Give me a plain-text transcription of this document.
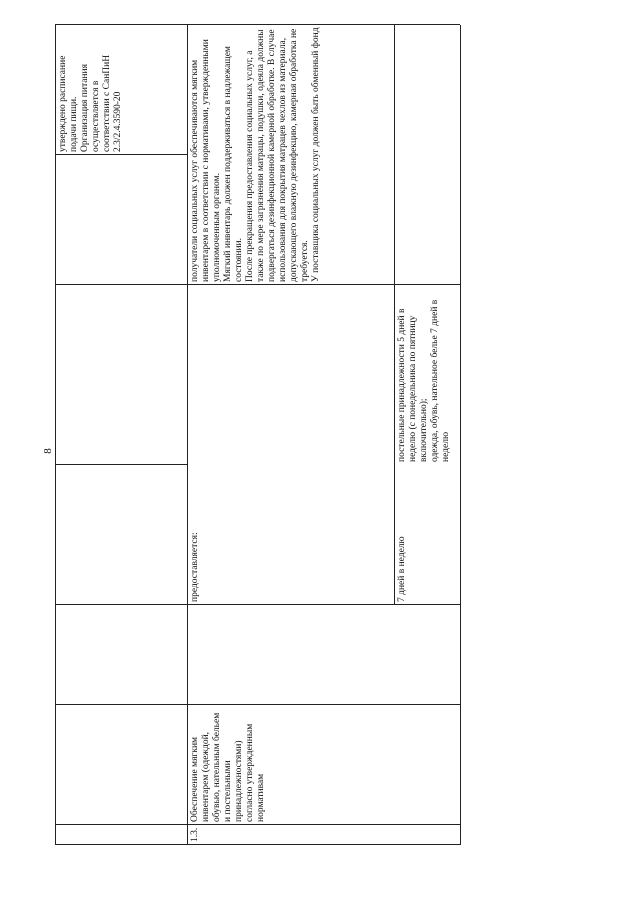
утверждено расписание подачи пищи.
Организация питания осуществляется в соответствии с СанПиН 2.3/2.4.3590-20
1.3.
Обеспечение мягким инвентарем (одеждой, обувью, нательным бельем и постельными принадлежностями) согласно утвержденным нормативам
предоставляется:	7 дней в неделю
постельные принадлежности 5 дней в неделю (с понедельника по пятницу включительно);
одежда, обувь, нательное белье 7 дней в неделю
получатели социальных услуг обеспечиваются мягким инвентарем в соответствии с нормативами, утвержденными уполномоченным органом.
Мягкий инвентарь должен поддерживаться в надлежащем состоянии.
После прекращения предоставления социальных услуг, а также по мере загрязнения матрацы, подушки, одеяла должны подвергаться дезинфекционной камерной обработке. В случае использования для покрытия матрацев чехлов из материала, допускающего влажную дезинфекцию, камерная обработка не требуется.
У поставщика социальных услуг должен быть обменный фонд
8
